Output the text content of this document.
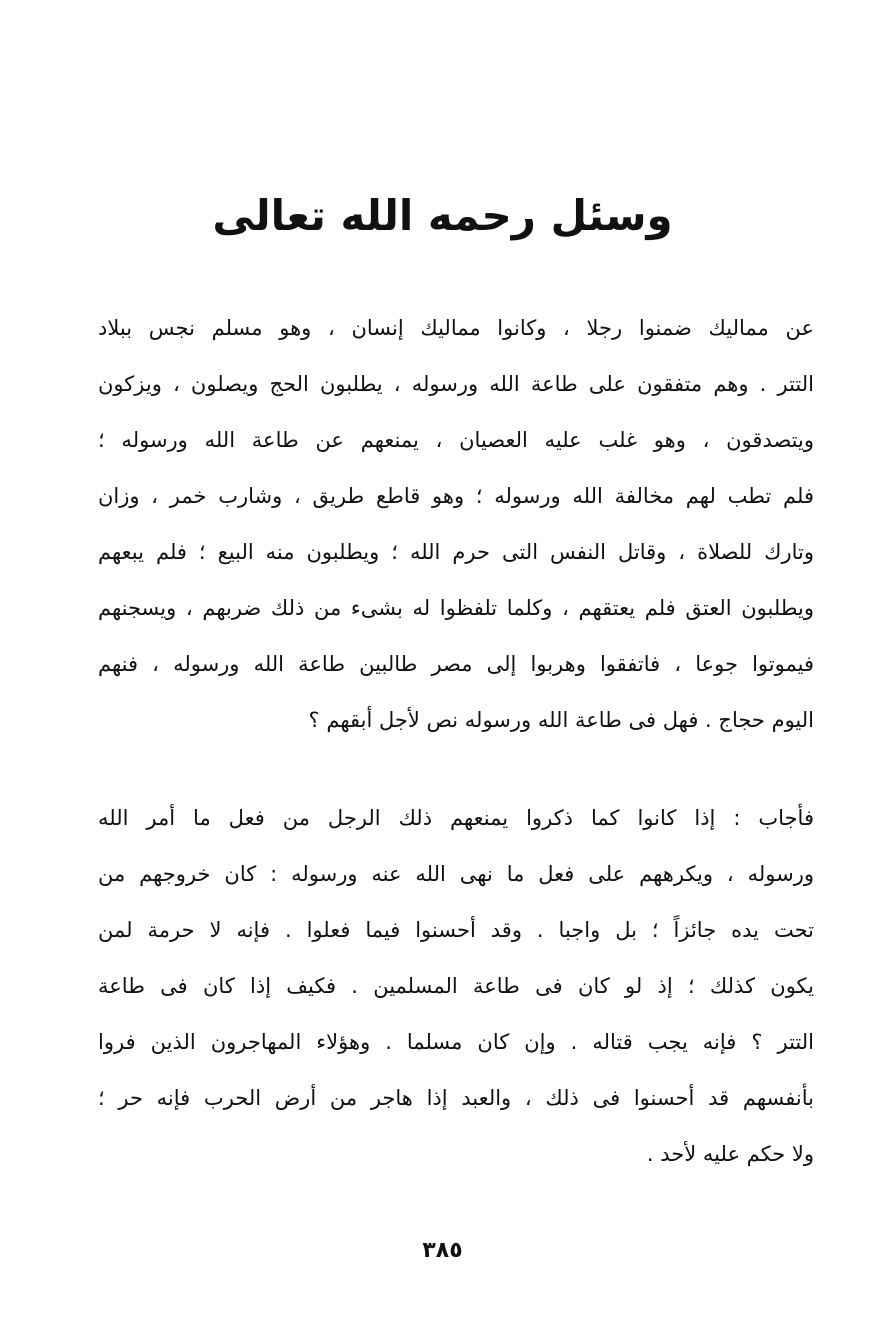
وسئل رحمه الله تعالى
عن مماليك ضمنوا رجلا ، وكانوا مماليك إنسان ، وهو مسلم نجس ببلاد
التتر . وهم متفقون على طاعة الله ورسوله ، يطلبون الحج ويصلون ، ويزكون
ويتصدقون ، وهو غلب عليه العصيان ، يمنعهم عن طاعة الله ورسوله ؛
فلم تطب لهم مخالفة الله ورسوله ؛ وهو قاطع طريق ، وشارب خمر ، وزان
وتارك للصلاة ، وقاتل النفس التى حرم الله ؛ ويطلبون منه البيع ؛ فلم يبعهم
ويطلبون العتق فلم يعتقهم ، وكلما تلفظوا له بشىء من ذلك ضربهم ، ويسجنهم
فيموتوا جوعا ، فاتفقوا وهربوا إلى مصر طالبين طاعة الله ورسوله ، فنهم
اليوم حجاج . فهل فى طاعة الله ورسوله نص لأجل أبقهم ؟
فأجاب : إذا كانوا كما ذكروا يمنعهم ذلك الرجل من فعل ما أمر الله
ورسوله ، ويكرههم على فعل ما نهى الله عنه ورسوله : كان خروجهم من
تحت يده جائزاً ؛ بل واجبا . وقد أحسنوا فيما فعلوا . فإنه لا حرمة لمن
يكون كذلك ؛ إذ لو كان فى طاعة المسلمين . فكيف إذا كان فى طاعة
التتر ؟ فإنه يجب قتاله . وإن كان مسلما . وهؤلاء المهاجرون الذين فروا
بأنفسهم قد أحسنوا فى ذلك ، والعبد إذا هاجر من أرض الحرب فإنه حر ؛
ولا حكم عليه لأحد .
٣٨٥
